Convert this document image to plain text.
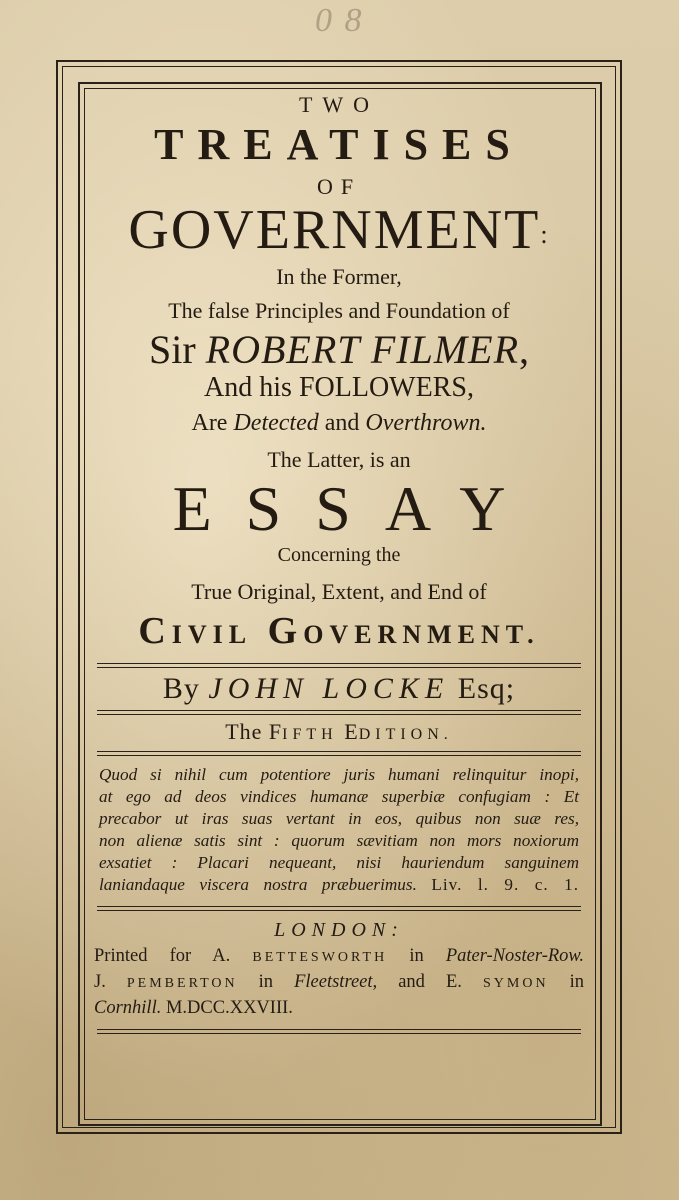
0 8
TWO
TREATISES
OF
GOVERNMENT:
In the Former,
The false Principles and Foundation of
Sir ROBERT FILMER,
And his FOLLOWERS,
Are Detected and Overthrown.
The Latter, is an
ESSAY
Concerning the
True Original, Extent, and End of
CIVIL GOVERNMENT.
By JOHN LOCKE Esq;
The FIFTH EDITION.
Quod si nihil cum potentiore juris humani relinquitur inopi,
at ego ad deos vindices humanæ superbiæ confugiam : Et
precabor ut iras suas vertant in eos, quibus non suæ res,
non alienæ satis sint : quorum sævitiam non mors noxiorum
exsatiet : Placari nequeant, nisi hauriendum sanguinem
laniandaque viscera nostra præbuerimus. Liv. l. 9. c. 1.
LONDON:
Printed for A. BETTESWORTH in Pater-Noster-Row.
J. PEMBERTON in Fleetstreet, and E. SYMON in
Cornhill. M.DCC.XXVIII.
